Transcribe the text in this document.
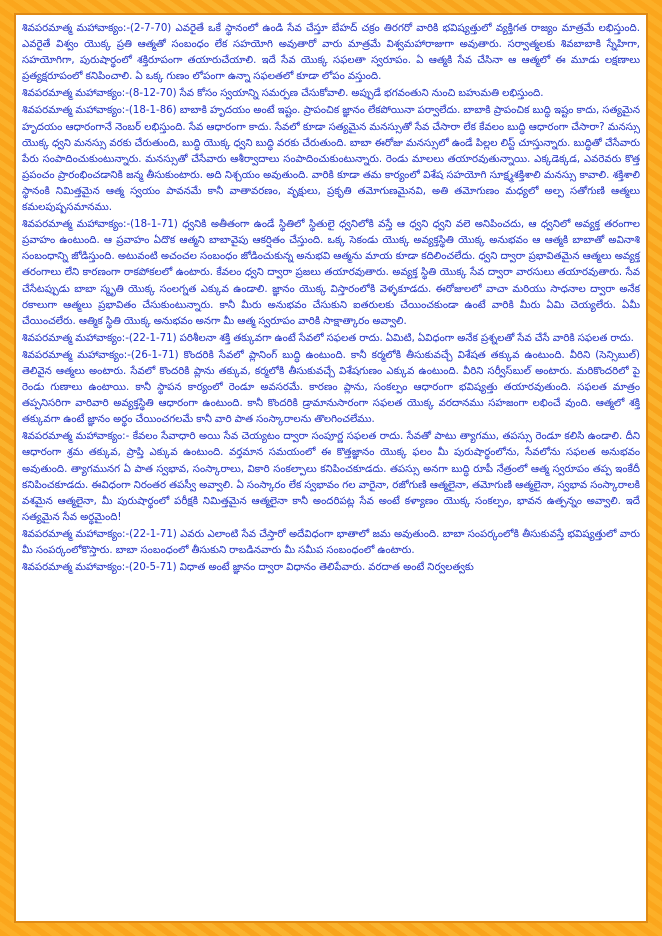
శివపరమాత్మ మహావాక్యం:-(2-7-70) ఎవరైతే ఒకే స్థానంలో ఉండి సేవ చేస్తూ బేహద్ చక్రం తిరగరో వారికి భవిష్యత్తులో వ్యక్తిగత రాజ్యం మాత్రమే లభిస్తుంది. ఎవరైతే విశ్వం యొక్క ప్రతి ఆత్మతో సంబంధం లేక సహయోగి అవుతారో వారు మాత్రమే విశ్వమహారాజుగా అవుతారు. సర్వాత్మలకు శివబాబాకి స్నేహిగా, సహయోగిగా, పురుషార్థంలో శక్తిరూపంగా తయారుచేయాలి. ఇదే సేవ యొక్క సఫలతా స్వరూపం. ఏ ఆత్మకి సేవ చేసినా ఆ ఆత్మలో ఈ మూడు లక్షణాలు ప్రత్యక్షరూపంలో కనిపించాలి. ఏ ఒక్క గుణం లోపంగా ఉన్నా సఫలతలో కూడా లోపం వస్తుంది.

శివపరమాత్మ మహావాక్యం:-(8-12-70) సేవ కోసం స్వయాన్ని సమర్పణ చేసుకోవాలి. అప్పుడే భగవంతుని నుంచి బహుమతి లభిస్తుంది.

శివపరమాత్మ మహావాక్యం:-(18-1-86) బాబాకి హృదయం అంటే ఇష్టం. ప్రాపంచిక జ్ఞానం లేకపోయినా పర్వాలేదు. బాబాకి ప్రాపంచిక బుద్ధి ఇష్టం కాదు, సత్యమైన హృదయం ఆధారంగానే నెంబర్ లభిస్తుంది. సేవ ఆధారంగా కాదు. సేవలో కూడా సత్యమైన మనస్సుతో సేవ చేసారా లేక కేవలం బుద్ధి ఆధారంగా చేసారా? మనస్సు యొక్క ధ్వని మనస్సు వరకు చేరుతుంది, బుద్ధి యొక్క ధ్వని బుద్ధి వరకు చేరుతుంది. బాబా ఈరోజు మనస్సులో ఉండే పిల్లల లిస్ట్ చూస్తున్నారు. బుద్ధితో చేసేవారు పేరు సంపాదించుకుంటున్నారు. మనస్సుతో చేసేవారు ఆశీర్వాదాలు సంపాదించుకుంటున్నారు. రెండు మాలలు తయారవుతున్నాయి. ఎక్కడెక్కడ, ఎవరెవరు కొత్త ప్రపంచం ప్రారంభించడానికి జన్మ తీసుకుంటారు. అది నిశ్చయం అవుతుంది. వారికి కూడా తమ కార్యంలో విశేష సహయోగి సూక్ష్మశక్తిశాలి మనస్సు కావాలి. శక్తిశాలి స్థానంకి నిమిత్తమైన ఆత్మ స్వయం పావనమే కానీ వాతావరణం, వృక్షులు, ప్రకృతి తమోగుణమైనవి, అతి తమోగుణం మధ్యలో అల్ప సతోగుణి ఆత్మలు కమలపుష్పసమానము.

శివపరమాత్మ మహావాక్యం:-(18-1-71) ధ్వనికి అతీతంగా ఉండే స్థితిలో స్థితులై ధ్వనిలోకి వస్తే ఆ ధ్వని ధ్వని వలె అనిపించదు, ఆ ధ్వనిలో అవ్యక్త తరంగాల ప్రవాహం ఉంటుంది. ఆ ప్రవాహం ఏదొక ఆత్మని బాబావైపు ఆకర్షితం చేస్తుంది. ఒక్క సెకండు యొక్క అవ్యక్తస్థితి యొక్క అనుభవం ఆ ఆత్మకి బాబాతో అవినాశి సంబంధాన్ని జోడిస్తుంది. అటువంటి అచంచల సంబంధం జోడించుకున్న అనుభవి ఆత్మను మాయ కూడా కదిలించలేదు. ధ్వని ద్వారా ప్రభావితమైన ఆత్మలు అవ్యక్త తరంగాలు లేని కారణంగా రాకపోకలలో ఉంటారు. కేవలం ధ్వని ద్వారా ప్రజలు తయారవుతారు. అవ్యక్త స్థితి యొక్క సేవ ద్వారా వారసులు తయారవుతారు. సేవ చేసేటప్పుడు బాబా స్మృతి యొక్క సంలగ్నత ఎక్కువ ఉండాలి. జ్ఞానం యొక్క విస్తారంలోకి వెళ్ళకూడదు. ఈరోజులలో వాచా మరియు సాధనాల ద్వారా అనేక రకాలుగా ఆత్మలు ప్రభావితం చేసుకుంటున్నారు. కానీ మీరు అనుభవం చేసుకుని ఐతరులకు చేయించకుండా ఉంటే వారికి మీరు ఏమి చెయ్యలేరు. ఏమీ చేయించలేరు. ఆత్మిక స్థితి యొక్క అనుభవం అనగా మీ ఆత్మ స్వరూపం వారికి సాక్షాత్కారం అవ్వాలి.

శివపరమాత్మ మహావాక్యం:-(22-1-71) పరిశీలనా శక్తి తక్కువగా ఉంటే సేవలో సఫలత రాదు. ఏమిటి, ఏవిధంగా అనేక ప్రశ్నలతో సేవ చేసే వారికి సఫలత రాదు.

శివపరమాత్మ మహావాక్యం:-(26-1-71) కొందరికి సేవలో ప్లానింగ్ బుద్ధి ఉంటుంది. కానీ కర్మలోకి తీసుకువచ్చే విశేషత తక్కువ ఉంటుంది. వీరిని (సెన్సిబుల్) తెలివైన ఆత్మలు అంటారు. సేవలో కొందరికి ప్లాను తక్కువ, కర్మలోకి తీసుకువచ్చే విశేషగుణం ఎక్కువ ఉంటుంది. వీరిని సర్వీస్‌బుల్ అంటారు. మరికొందరిలో పై రెండు గుణాలు ఉంటాయి. కానీ స్థాపన కార్యంలో రెండూ అవసరమే. కారణం ప్లాను, సంకల్పం ఆధారంగా భవిష్యత్తు తయారవుతుంది. సఫలత మాత్రం తప్పనిసరిగా వారివారి అవ్యక్తస్థితి ఆధారంగా ఉంటుంది. కానీ కొందరికి డ్రామానుసారంగా సఫలత యొక్క వరదానము సహజంగా లభించే వుంది. ఆత్మలో శక్తి తక్కువగా ఉంటే జ్ఞానం అర్థం చేయించగలమే కానీ వారి పాత సంస్కారాలను తొలగించలేము.

శివపరమాత్మ మహావాక్యం:- కేవలం సేవాధారి అయి సేవ చెయ్యటం ద్వారా సంపూర్ణ సఫలత రాదు. సేవతో పాటు త్యాగము, తపస్సు రెండూ కలిసి ఉండాలి. దీని ఆధారంగా శ్రమ తక్కువ, ప్రాప్తి ఎక్కువ ఉంటుంది. వర్తమాన సమయంలో ఈ కొత్తజ్ఞానం యొక్క ఫలం మీ పురుషార్థంలోను, సేవలోను సఫలత అనుభవం అవుతుంది. త్యాగమునగ ఏ పాత స్వభావ, సంస్కారాలు, వికారి సంకల్పాలు కనిపించకూడదు. తపస్సు అనగా బుద్ధి రూపీ నేత్రంలో ఆత్మ స్వరూపం తప్ప ఇంకేదీ కనిపించకూడదు. ఈవిధంగా నిరంతర తపస్వీ అవ్వాలి. ఏ సంస్కారం లేక స్వభావం గల వారైనా, రజోగుణి ఆత్మలైనా, తమోగుణి ఆత్మలైనా, స్వభావ సంస్కారాలకి వశమైన ఆత్మలైనా, మీ పురుషార్థంలో పరీక్షకి నిమిత్తమైన ఆత్మలైనా కానీ అందరిపట్ల సేవ అంటే కళ్యాణం యొక్క సంకల్పం, భావన ఉత్పన్నం అవ్వాలి. ఇదే సత్యమైన సేవ అర్థమైంది!

శివపరమాత్మ మహావాక్యం:-(22-1-71) ఎవరు ఎలాంటి సేవ చేస్తారో అదేవిధంగా భాతాలో జమ అవుతుంది. బాబా సంపర్కంలోకి తీసుకువస్తే భవిష్యత్తులో వారు మీ సంపర్కంలోకొస్తారు. బాబా సంబంధంలో తీసుకుని రాబడినవారు మీ సమీప సంబంధంలో ఉంటారు.

శివపరమాత్మ మహావాక్యం:-(20-5-71) విధాత అంటే జ్ఞానం ద్వారా విధానం తెలిపేవారు. వరదాత అంటే నిర్వలత్వకు
